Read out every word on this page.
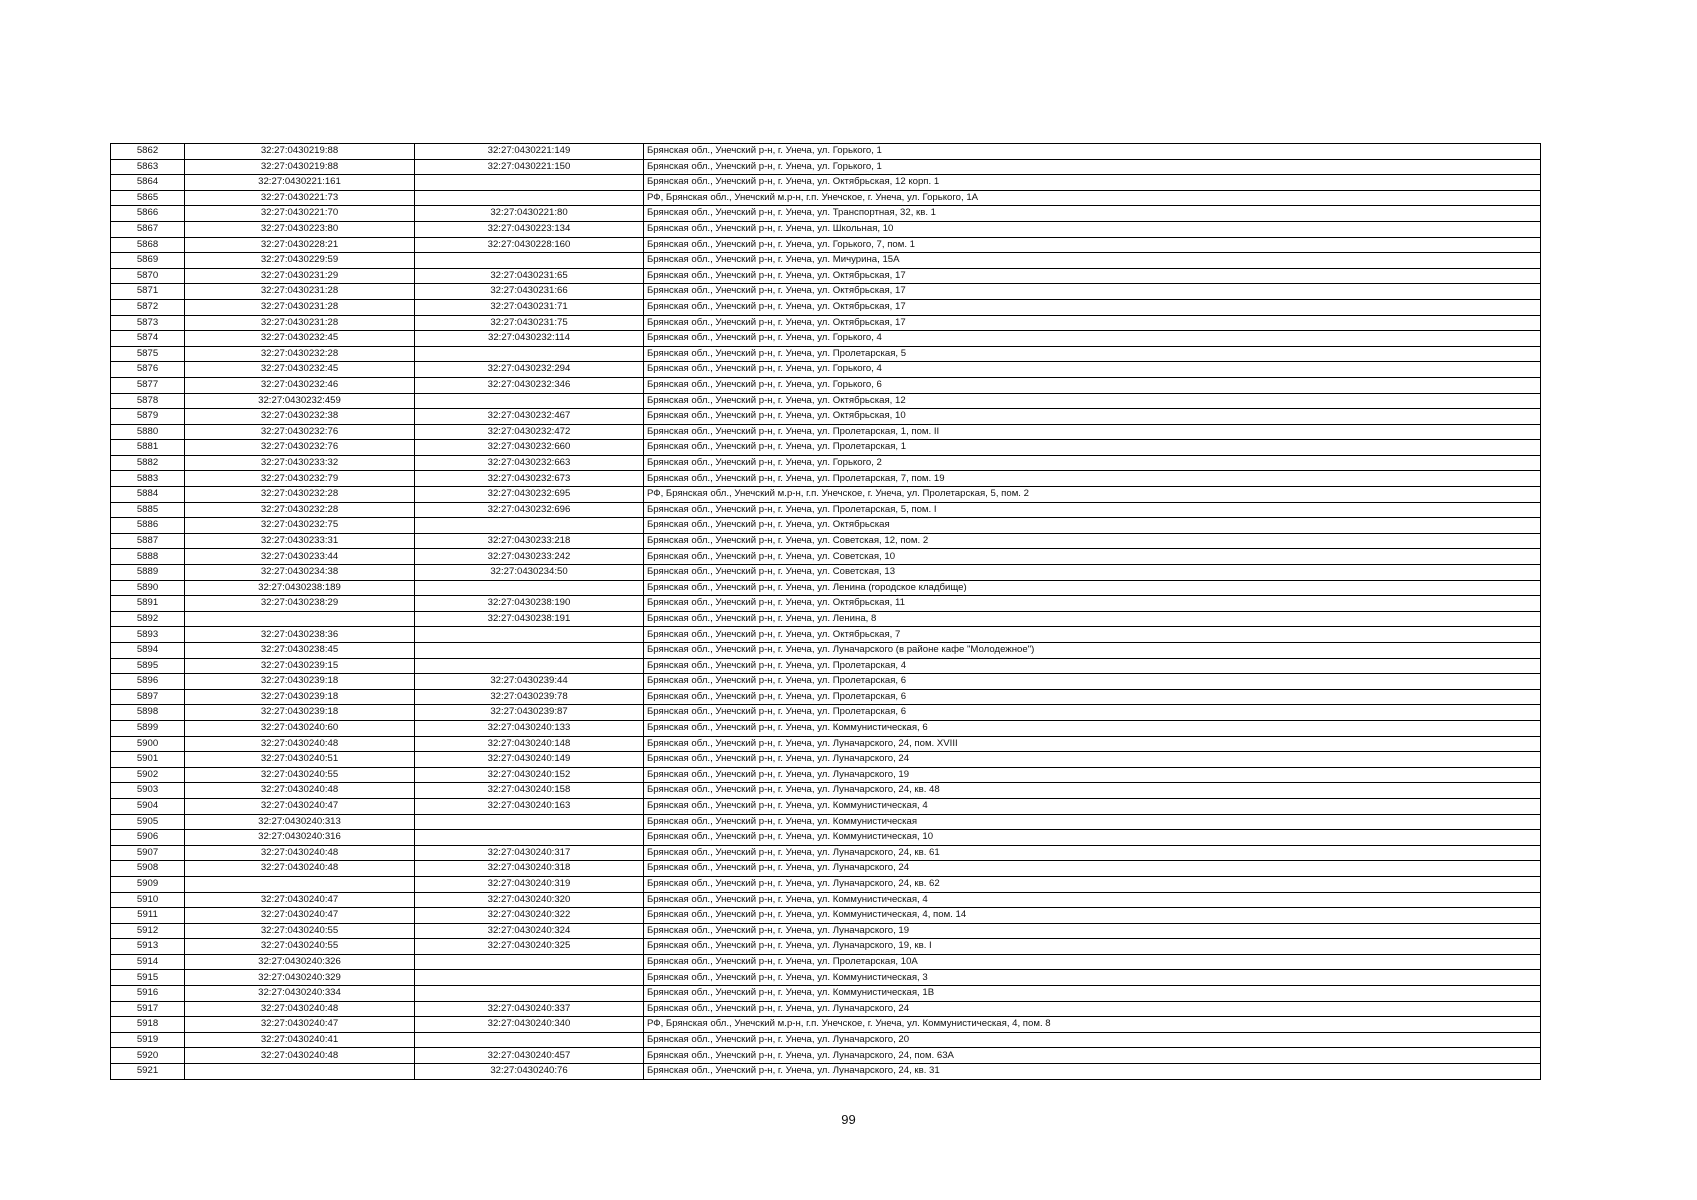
5862	32:27:0430219:88	32:27:0430221:149	Брянская обл., Унечский р-н, г. Унеча, ул. Горького, 1
5863	32:27:0430219:88	32:27:0430221:150	Брянская обл., Унечский р-н, г. Унеча, ул. Горького, 1
5864	32:27:0430221:161		Брянская обл., Унечский р-н, г. Унеча, ул. Октябрьская, 12 корп. 1
5865	32:27:0430221:73		РФ, Брянская обл., Унечский м.р-н, г.п. Унечское, г. Унеча, ул. Горького, 1А
5866	32:27:0430221:70	32:27:0430221:80	Брянская обл., Унечский р-н, г. Унеча, ул. Транспортная, 32, кв. 1
5867	32:27:0430223:80	32:27:0430223:134	Брянская обл., Унечский р-н, г. Унеча, ул. Школьная, 10
5868	32:27:0430228:21	32:27:0430228:160	Брянская обл., Унечский р-н, г. Унеча, ул. Горького, 7, пом. 1
5869	32:27:0430229:59		Брянская обл., Унечский р-н, г. Унеча, ул. Мичурина, 15А
5870	32:27:0430231:29	32:27:0430231:65	Брянская обл., Унечский р-н, г. Унеча, ул. Октябрьская, 17
5871	32:27:0430231:28	32:27:0430231:66	Брянская обл., Унечский р-н, г. Унеча, ул. Октябрьская, 17
5872	32:27:0430231:28	32:27:0430231:71	Брянская обл., Унечский р-н, г. Унеча, ул. Октябрьская, 17
5873	32:27:0430231:28	32:27:0430231:75	Брянская обл., Унечский р-н, г. Унеча, ул. Октябрьская, 17
5874	32:27:0430232:45	32:27:0430232:114	Брянская обл., Унечский р-н, г. Унеча, ул. Горького, 4
5875	32:27:0430232:28		Брянская обл., Унечский р-н, г. Унеча, ул. Пролетарская, 5
5876	32:27:0430232:45	32:27:0430232:294	Брянская обл., Унечский р-н, г. Унеча, ул. Горького, 4
5877	32:27:0430232:46	32:27:0430232:346	Брянская обл., Унечский р-н, г. Унеча, ул. Горького, 6
5878	32:27:0430232:459		Брянская обл., Унечский р-н, г. Унеча, ул. Октябрьская, 12
5879	32:27:0430232:38	32:27:0430232:467	Брянская обл., Унечский р-н, г. Унеча, ул. Октябрьская, 10
5880	32:27:0430232:76	32:27:0430232:472	Брянская обл., Унечский р-н, г. Унеча, ул. Пролетарская, 1, пом. II
5881	32:27:0430232:76	32:27:0430232:660	Брянская обл., Унечский р-н, г. Унеча, ул. Пролетарская, 1
5882	32:27:0430233:32	32:27:0430232:663	Брянская обл., Унечский р-н, г. Унеча, ул. Горького, 2
5883	32:27:0430232:79	32:27:0430232:673	Брянская обл., Унечский р-н, г. Унеча, ул. Пролетарская, 7, пом. 19
5884	32:27:0430232:28	32:27:0430232:695	РФ, Брянская обл., Унечский м.р-н, г.п. Унечское, г. Унеча, ул. Пролетарская, 5, пом. 2
5885	32:27:0430232:28	32:27:0430232:696	Брянская обл., Унечский р-н, г. Унеча, ул. Пролетарская, 5, пом. I
5886	32:27:0430232:75		Брянская обл., Унечский р-н, г. Унеча, ул. Октябрьская
5887	32:27:0430233:31	32:27:0430233:218	Брянская обл., Унечский р-н, г. Унеча, ул. Советская, 12, пом. 2
5888	32:27:0430233:44	32:27:0430233:242	Брянская обл., Унечский р-н, г. Унеча, ул. Советская, 10
5889	32:27:0430234:38	32:27:0430234:50	Брянская обл., Унечский р-н, г. Унеча, ул. Советская, 13
5890	32:27:0430238:189		Брянская обл., Унечский р-н, г. Унеча, ул. Ленина (городское кладбище)
5891	32:27:0430238:29	32:27:0430238:190	Брянская обл., Унечский р-н, г. Унеча, ул. Октябрьская, 11
5892		32:27:0430238:191	Брянская обл., Унечский р-н, г. Унеча, ул. Ленина, 8
5893	32:27:0430238:36		Брянская обл., Унечский р-н, г. Унеча, ул. Октябрьская, 7
5894	32:27:0430238:45		Брянская обл., Унечский р-н, г. Унеча, ул. Луначарского (в районе кафе "Молодежное")
5895	32:27:0430239:15		Брянская обл., Унечский р-н, г. Унеча, ул. Пролетарская, 4
5896	32:27:0430239:18	32:27:0430239:44	Брянская обл., Унечский р-н, г. Унеча, ул. Пролетарская, 6
5897	32:27:0430239:18	32:27:0430239:78	Брянская обл., Унечский р-н, г. Унеча, ул. Пролетарская, 6
5898	32:27:0430239:18	32:27:0430239:87	Брянская обл., Унечский р-н, г. Унеча, ул. Пролетарская, 6
5899	32:27:0430240:60	32:27:0430240:133	Брянская обл., Унечский р-н, г. Унеча, ул. Коммунистическая, 6
5900	32:27:0430240:48	32:27:0430240:148	Брянская обл., Унечский р-н, г. Унеча, ул. Луначарского, 24, пом. XVIII
5901	32:27:0430240:51	32:27:0430240:149	Брянская обл., Унечский р-н, г. Унеча, ул. Луначарского, 24
5902	32:27:0430240:55	32:27:0430240:152	Брянская обл., Унечский р-н, г. Унеча, ул. Луначарского, 19
5903	32:27:0430240:48	32:27:0430240:158	Брянская обл., Унечский р-н, г. Унеча, ул. Луначарского, 24, кв. 48
5904	32:27:0430240:47	32:27:0430240:163	Брянская обл., Унечский р-н, г. Унеча, ул. Коммунистическая, 4
5905	32:27:0430240:313		Брянская обл., Унечский р-н, г. Унеча, ул. Коммунистическая
5906	32:27:0430240:316		Брянская обл., Унечский р-н, г. Унеча, ул. Коммунистическая, 10
5907	32:27:0430240:48	32:27:0430240:317	Брянская обл., Унечский р-н, г. Унеча, ул. Луначарского, 24, кв. 61
5908	32:27:0430240:48	32:27:0430240:318	Брянская обл., Унечский р-н, г. Унеча, ул. Луначарского, 24
5909		32:27:0430240:319	Брянская обл., Унечский р-н, г. Унеча, ул. Луначарского, 24, кв. 62
5910	32:27:0430240:47	32:27:0430240:320	Брянская обл., Унечский р-н, г. Унеча, ул. Коммунистическая, 4
5911	32:27:0430240:47	32:27:0430240:322	Брянская обл., Унечский р-н, г. Унеча, ул. Коммунистическая, 4, пом. 14
5912	32:27:0430240:55	32:27:0430240:324	Брянская обл., Унечский р-н, г. Унеча, ул. Луначарского, 19
5913	32:27:0430240:55	32:27:0430240:325	Брянская обл., Унечский р-н, г. Унеча, ул. Луначарского, 19, кв. I
5914	32:27:0430240:326		Брянская обл., Унечский р-н, г. Унеча, ул. Пролетарская, 10А
5915	32:27:0430240:329		Брянская обл., Унечский р-н, г. Унеча, ул. Коммунистическая, 3
5916	32:27:0430240:334		Брянская обл., Унечский р-н, г. Унеча, ул. Коммунистическая, 1В
5917	32:27:0430240:48	32:27:0430240:337	Брянская обл., Унечский р-н, г. Унеча, ул. Луначарского, 24
5918	32:27:0430240:47	32:27:0430240:340	РФ, Брянская обл., Унечский м.р-н, г.п. Унечское, г. Унеча, ул. Коммунистическая, 4, пом. 8
5919	32:27:0430240:41		Брянская обл., Унечский р-н, г. Унеча, ул. Луначарского, 20
5920	32:27:0430240:48	32:27:0430240:457	Брянская обл., Унечский р-н, г. Унеча, ул. Луначарского, 24, пом. 63А
5921		32:27:0430240:76	Брянская обл., Унечский р-н, г. Унеча, ул. Луначарского, 24, кв. 31
99
